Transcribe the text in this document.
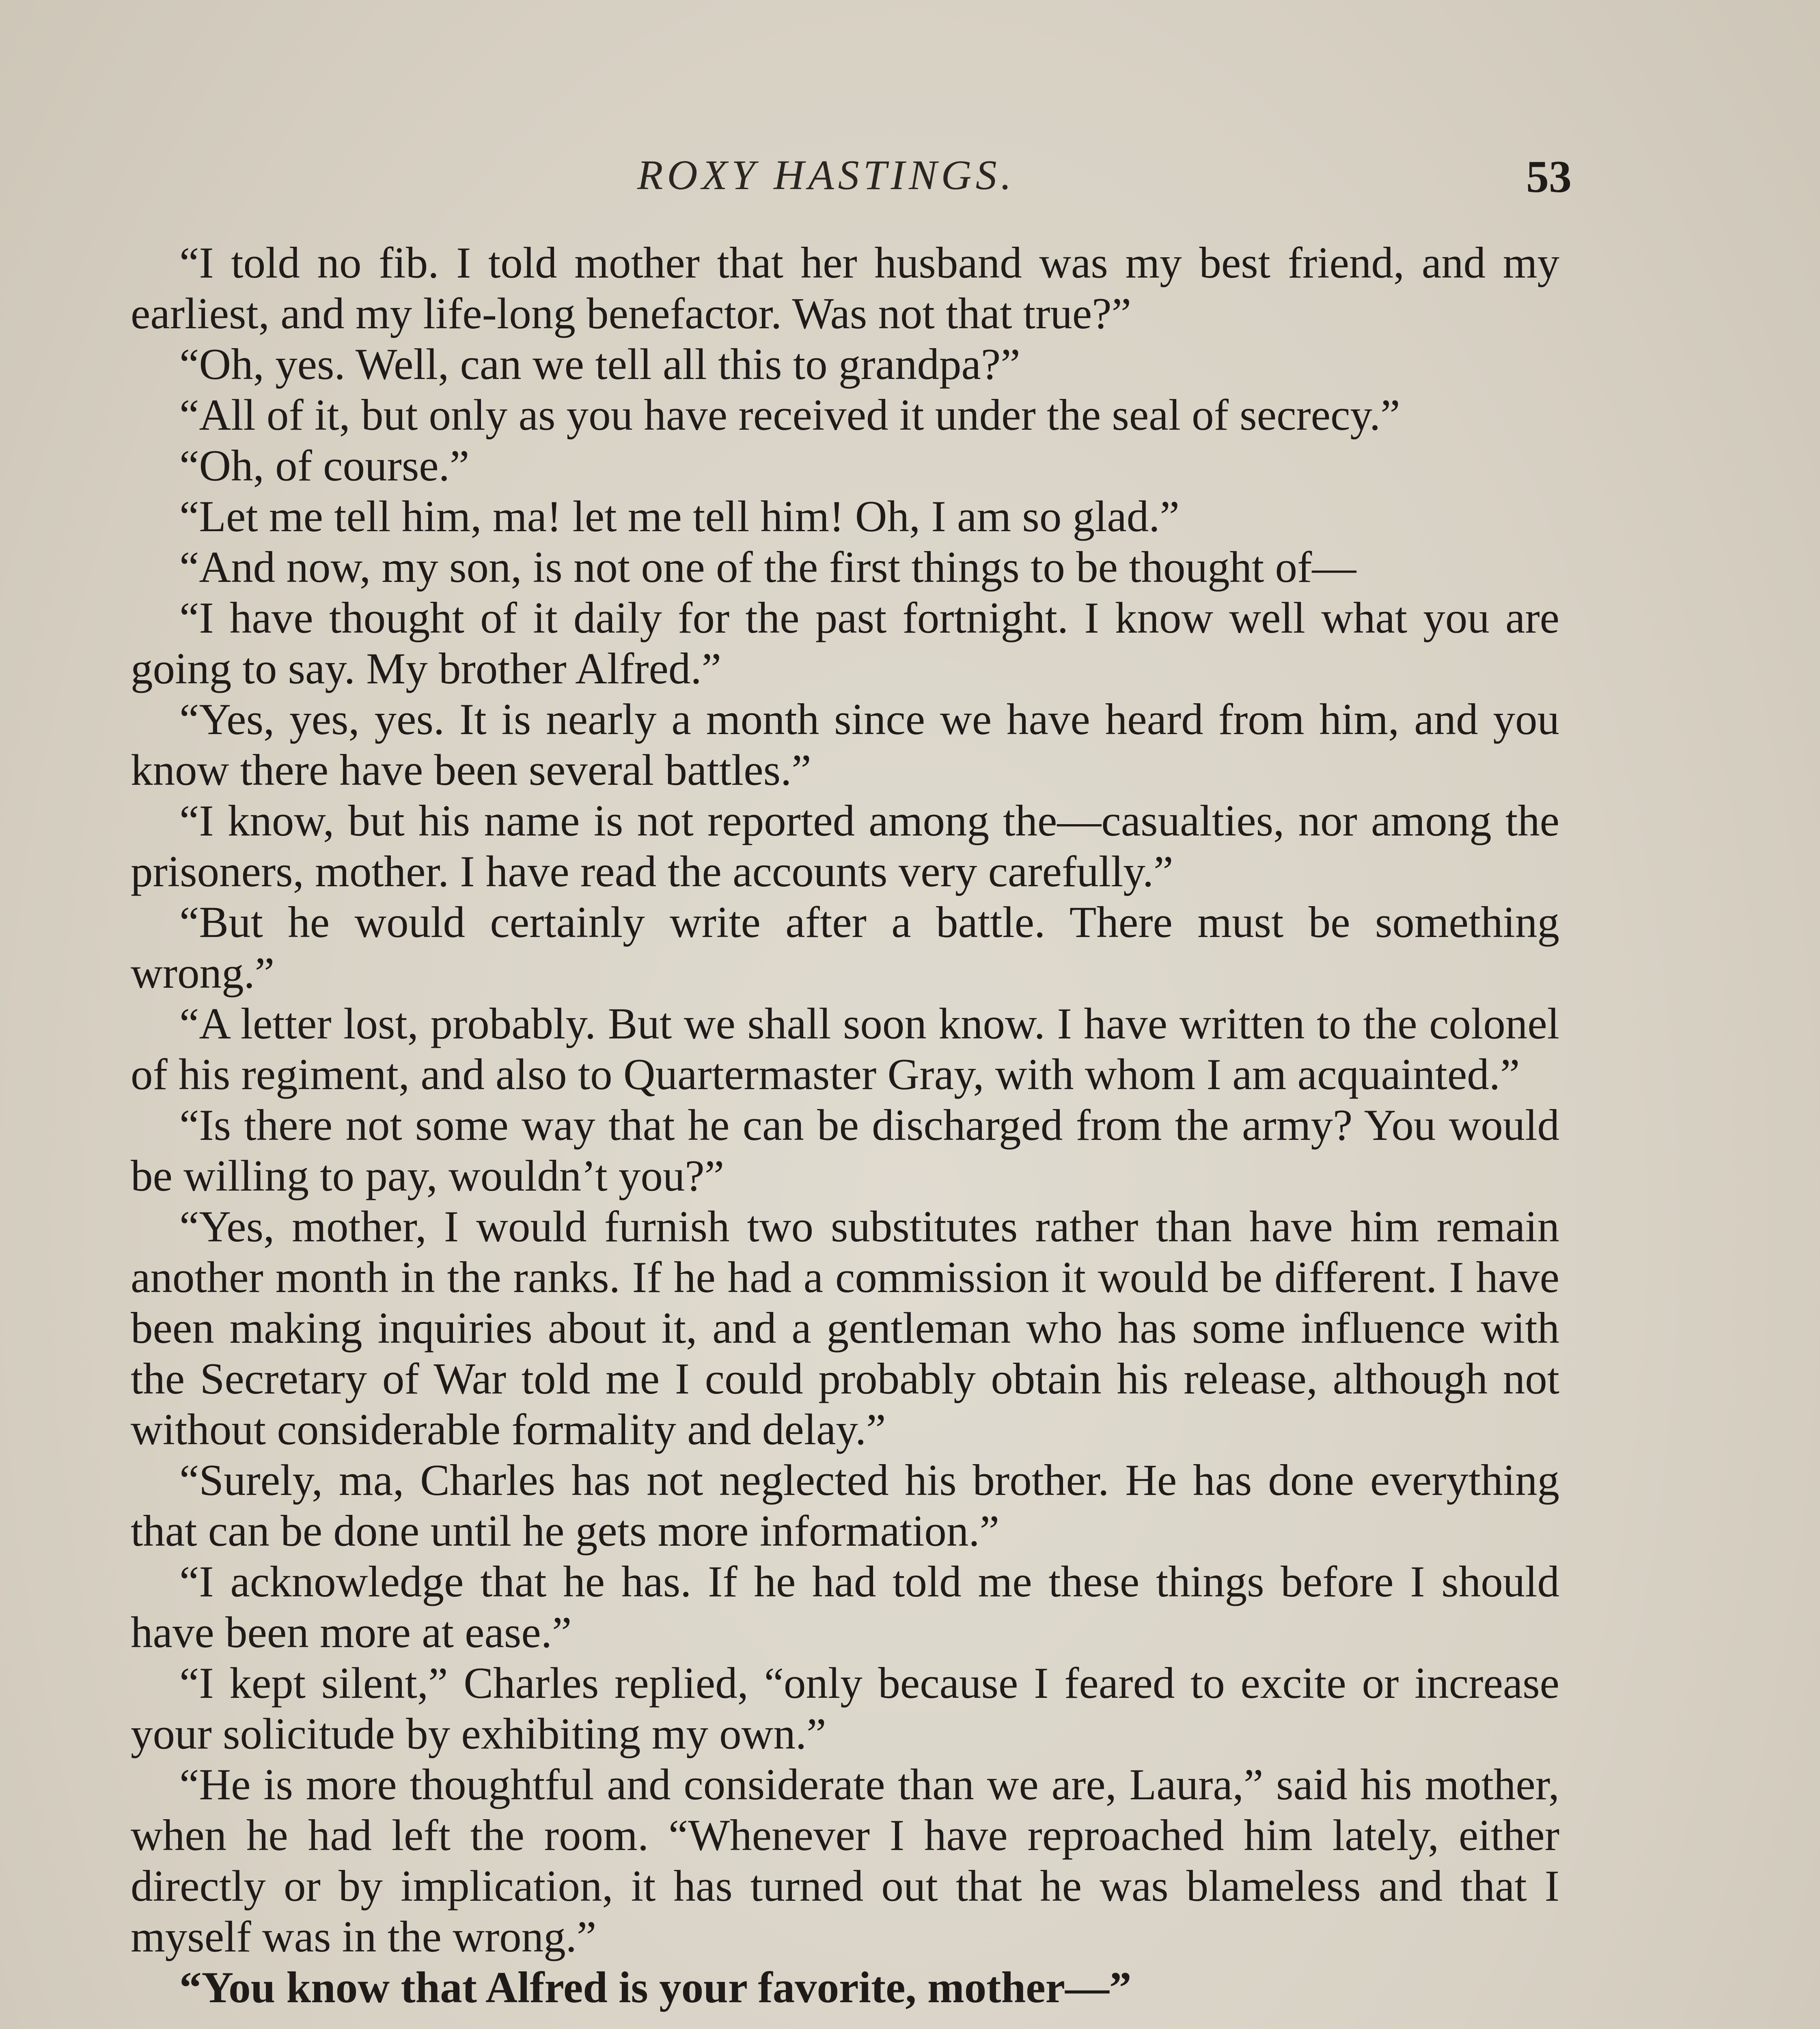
ROXY HASTINGS.	53

“I told no fib. I told mother that her husband was my best friend, and my earliest, and my life-long benefactor. Was not that true?”

“Oh, yes. Well, can we tell all this to grandpa?”

“All of it, but only as you have received it under the seal of secrecy.”

“Oh, of course.”

“Let me tell him, ma! let me tell him! Oh, I am so glad.”

“And now, my son, is not one of the first things to be thought of—

“I have thought of it daily for the past fortnight. I know well what you are going to say. My brother Alfred.”

“Yes, yes, yes. It is nearly a month since we have heard from him, and you know there have been several battles.”

“I know, but his name is not reported among the—casualties, nor among the prisoners, mother. I have read the accounts very carefully.”

“But he would certainly write after a battle. There must be something wrong.”

“A letter lost, probably. But we shall soon know. I have written to the colonel of his regiment, and also to Quartermaster Gray, with whom I am acquainted.”

“Is there not some way that he can be discharged from the army? You would be willing to pay, wouldn’t you?”

“Yes, mother, I would furnish two substitutes rather than have him remain another month in the ranks. If he had a commission it would be different. I have been making inquiries about it, and a gentleman who has some influence with the Secretary of War told me I could probably obtain his release, although not without considerable formality and delay.”

“Surely, ma, Charles has not neglected his brother. He has done everything that can be done until he gets more information.”

“I acknowledge that he has. If he had told me these things before I should have been more at ease.”

“I kept silent,” Charles replied, “only because I feared to excite or increase your solicitude by exhibiting my own.”

“He is more thoughtful and considerate than we are, Laura,” said his mother, when he had left the room. “Whenever I have reproached him lately, either directly or by implication, it has turned out that he was blameless and that I myself was in the wrong.”

“You know that Alfred is your favorite, mother—”
